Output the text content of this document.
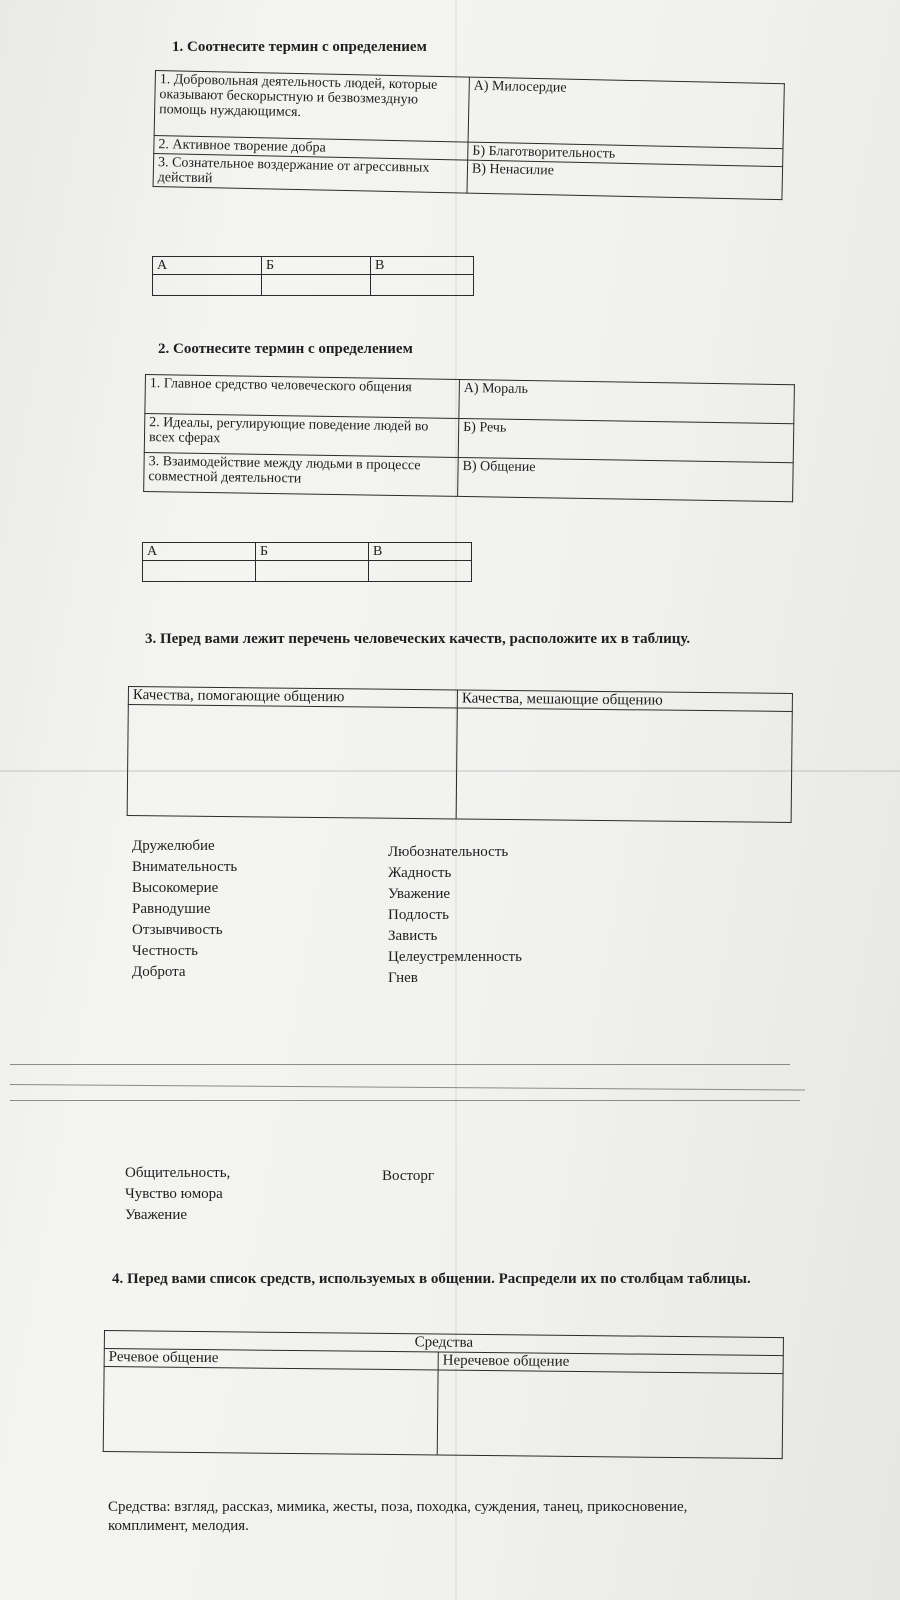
1. Соотнесите термин с определением
1. Добровольная деятельность людей, которые оказывают бескорыстную и безвозмездную помощь нуждающимся.	А) Милосердие
2. Активное творение добра	Б) Благотворительность
3. Сознательное воздержание от агрессивных действий	В) Ненасилие
А	Б	В

2. Соотнесите термин с определением
1. Главное средство человеческого общения	А) Мораль
2. Идеалы, регулирующие поведение людей во всех сферах	Б) Речь
3. Взаимодействие между людьми в процессе совместной деятельности	В) Общение
А	Б	В

3. Перед вами лежит перечень человеческих качеств, расположите их в таблицу.
Качества, помогающие общению	Качества, мешающие общению

Дружелюбие
Внимательность
Высокомерие
Равнодушие
Отзывчивость
Честность
Доброта
Любознательность
Жадность
Уважение
Подлость
Зависть
Целеустремленность
Гнев
Общительность,
Чувство юмора
Уважение
Восторг
4. Перед вами список средств, используемых в общении. Распредели их по столбцам таблицы.
Средства	
Речевое общение	Неречевое общение

Средства: взгляд, рассказ, мимика, жесты, поза, походка, суждения, танец, прикосновение, комплимент, мелодия.
